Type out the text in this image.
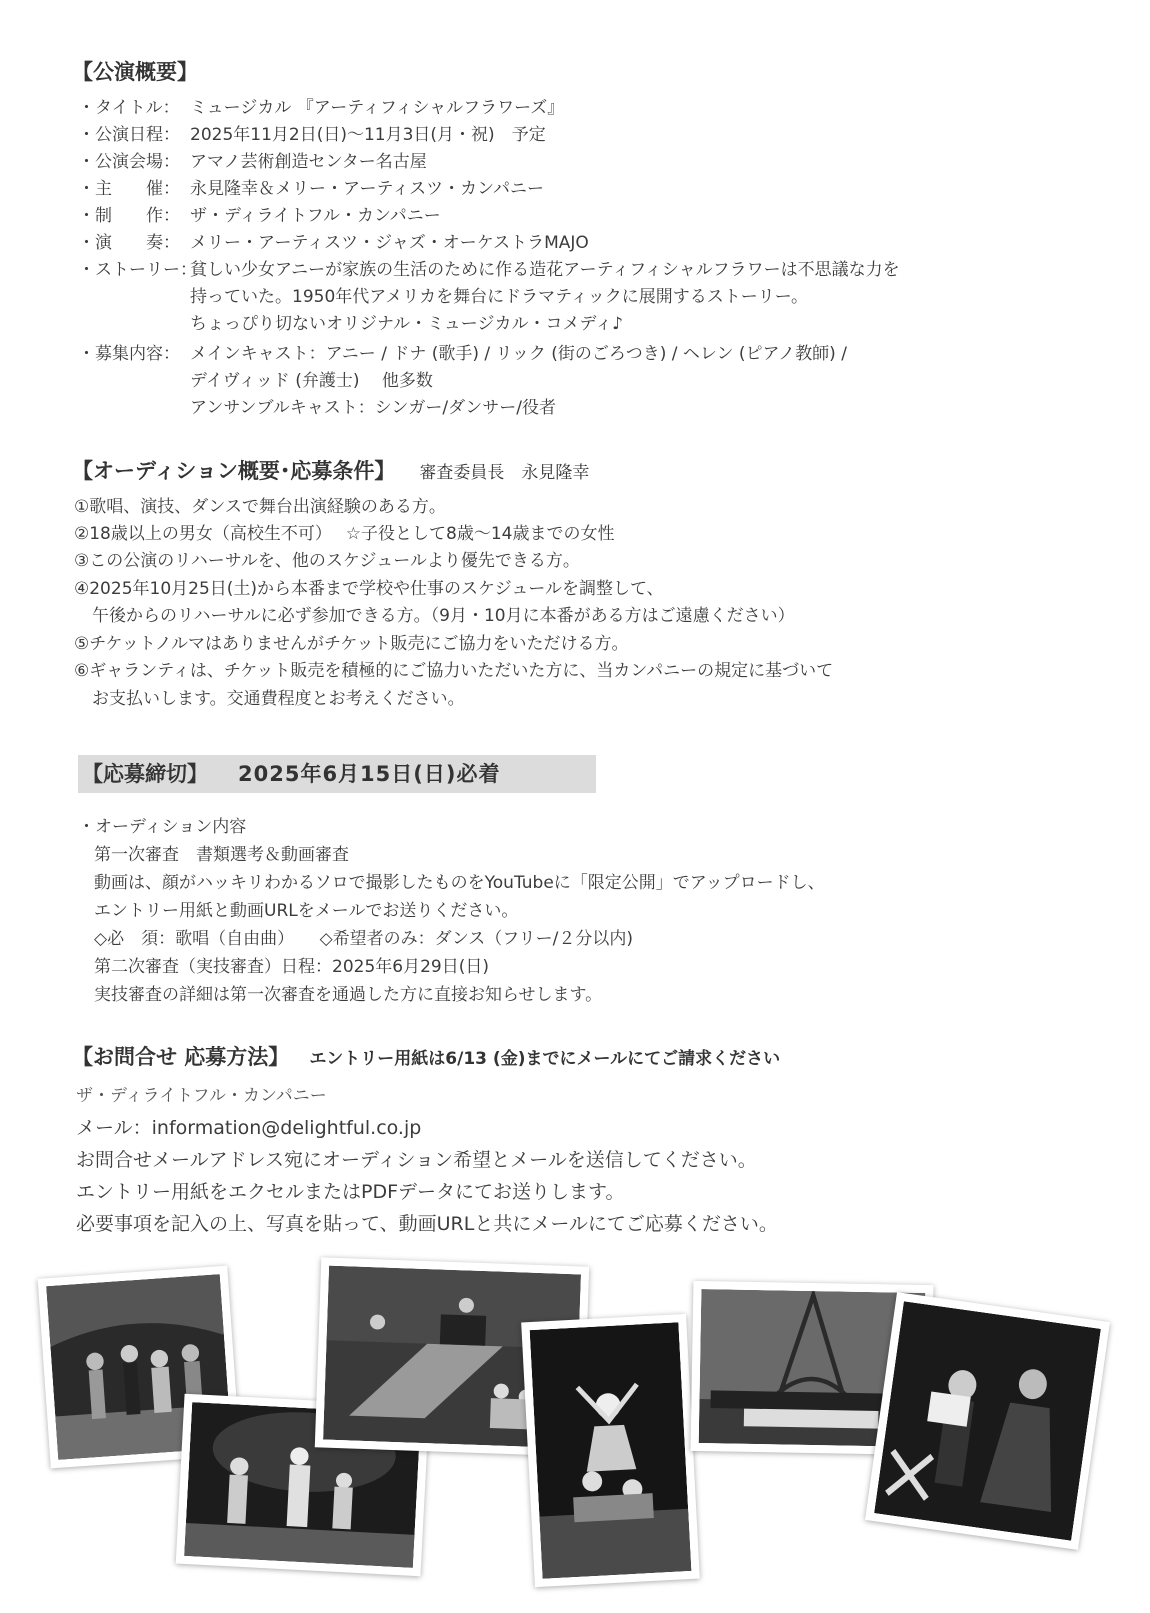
【公演概要】
・タイトル： ミュージカル 『アーティフィシャルフラワーズ』
・公演日程： 2025年11月2日(日)〜11月3日(月・祝)　予定
・公演会場： アマノ芸術創造センター名古屋
・主　　催： 永見隆幸＆メリー・アーティスツ・カンパニー
・制　　作： ザ・ディライトフル・カンパニー
・演　　奏： メリー・アーティスツ・ジャズ・オーケストラMAJO
・ストーリー：貧しい少女アニーが家族の生活のために作る造花アーティフィシャルフラワーは不思議な力を
持っていた。1950年代アメリカを舞台にドラマティックに展開するストーリー。
ちょっぴり切ないオリジナル・ミュージカル・コメディ♪
・募集内容： メインキャスト：アニー / ドナ (歌手) / リック (街のごろつき) / ヘレン (ピアノ教師) /
デイヴィッド (弁護士)　 他多数
アンサンブルキャスト：シンガー/ダンサー/役者
【オーディション概要･応募条件】 審査委員長　永見隆幸
①歌唱、演技、ダンスで舞台出演経験のある方。
②18歳以上の男女（高校生不可）　 ☆子役として8歳〜14歳までの女性
③この公演のリハーサルを、他のスケジュールより優先できる方。
④2025年10月25日(土)から本番まで学校や仕事のスケジュールを調整して、
午後からのリハーサルに必ず参加できる方。（9月・10月に本番がある方はご遠慮ください）
⑤チケットノルマはありませんがチケット販売にご協力をいただける方。
⑥ギャランティは、チケット販売を積極的にご協力いただいた方に、当カンパニーの規定に基づいて
お支払いします。交通費程度とお考えください。
【応募締切】 2025年6月15日(日)必着
・オーディション内容
第一次審査　書類選考＆動画審査
動画は、顔がハッキリわかるソロで撮影したものをYouTubeに「限定公開」でアップロードし、
エントリー用紙と動画URLをメールでお送りください。
◇必　須：歌唱（自由曲）　　◇希望者のみ：ダンス（フリー/２分以内)
第二次審査（実技審査）日程：2025年6月29日(日)
実技審査の詳細は第一次審査を通過した方に直接お知らせします。
【お問合せ 応募方法】 エントリー用紙は6/13 (金)までにメールにてご請求ください
ザ・ディライトフル・カンパニー
メール：information@delightful.co.jp
お問合せメールアドレス宛にオーディション希望とメールを送信してください。
エントリー用紙をエクセルまたはPDFデータにてお送りします。
必要事項を記入の上、写真を貼って、動画URLと共にメールにてご応募ください。
